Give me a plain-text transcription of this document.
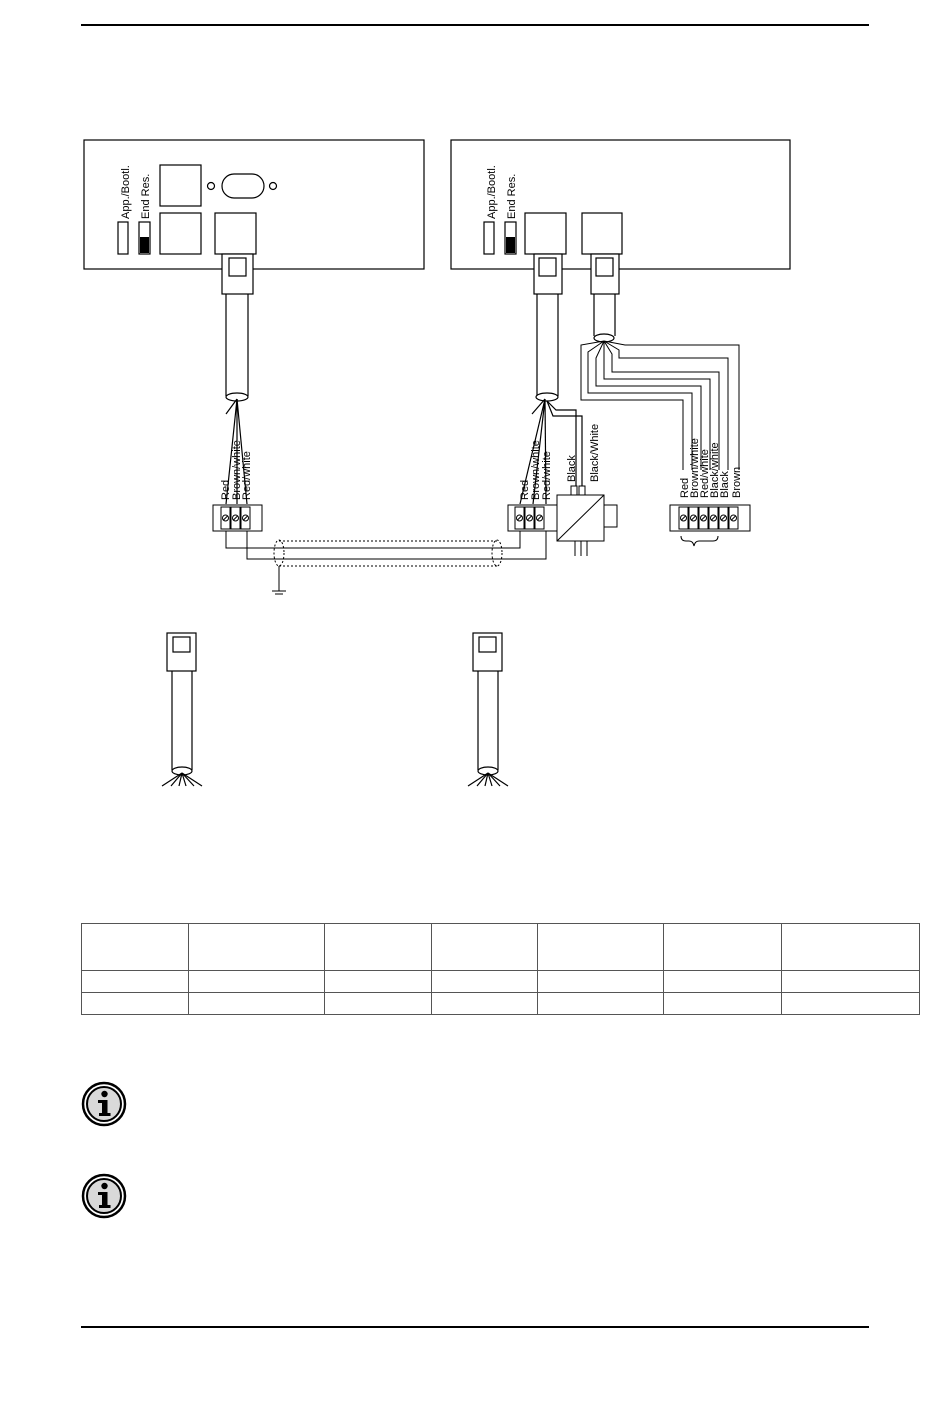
App./Bootl. End Res.
Red Brown/white
Red/white
App./Bootl. End Res.
Red Brown/white Red/white Black Black/White
Red
Brown/white
Red/white
Black/white
Black Brown
